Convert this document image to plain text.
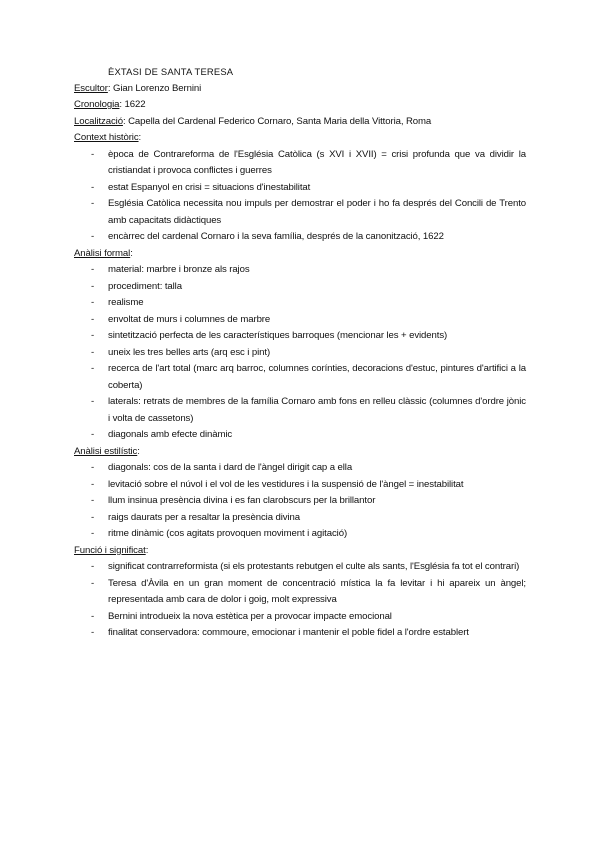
ÈXTASI DE SANTA TERESA
Escultor: Gian Lorenzo Bernini
Cronologia: 1622
Localització: Capella del Cardenal Federico Cornaro, Santa Maria della Vittoria, Roma
Context històric:
- època de Contrareforma de l'Església Catòlica (s XVI i XVII) = crisi profunda que va dividir la cristiandat i provoca conflictes i guerres
- estat Espanyol en crisi = situacions d'inestabilitat
- Església Catòlica necessita nou impuls per demostrar el poder i ho fa després del Concili de Trento amb capacitats didàctiques
- encàrrec del cardenal Cornaro i la seva família, després de la canonització, 1622
Anàlisi formal:
- material: marbre i bronze als rajos
- procediment: talla
- realisme
- envoltat de murs i columnes de marbre
- sintetització perfecta de les característiques barroques (mencionar les + evidents)
- uneix les tres belles arts (arq esc i pint)
- recerca de l'art total (marc arq barroc, columnes corínties, decoracions d'estuc, pintures d'artifici a la coberta)
- laterals: retrats de membres de la família Cornaro amb fons en relleu clàssic (columnes d'ordre jònic i volta de cassetons)
- diagonals amb efecte dinàmic
Anàlisi estilístic:
- diagonals: cos de la santa i dard de l'àngel dirigit cap a ella
- levitació sobre el núvol i el vol de les vestidures i la suspensió de l'àngel = inestabilitat
- llum insinua presència divina i es fan clarobscurs per la brillantor
- raigs daurats per a resaltar la presència divina
- ritme dinàmic (cos agitats provoquen moviment i agitació)
Funció i significat:
- significat contrarreformista (si els protestants rebutgen el culte als sants, l'Església fa tot el contrari)
- Teresa d'Àvila en un gran moment de concentració mística la fa levitar i hi apareix un àngel; representada amb cara de dolor i goig, molt expressiva
- Bernini introdueix la nova estètica per a provocar impacte emocional
- finalitat conservadora: commoure, emocionar i mantenir el poble fidel a l'ordre establert
